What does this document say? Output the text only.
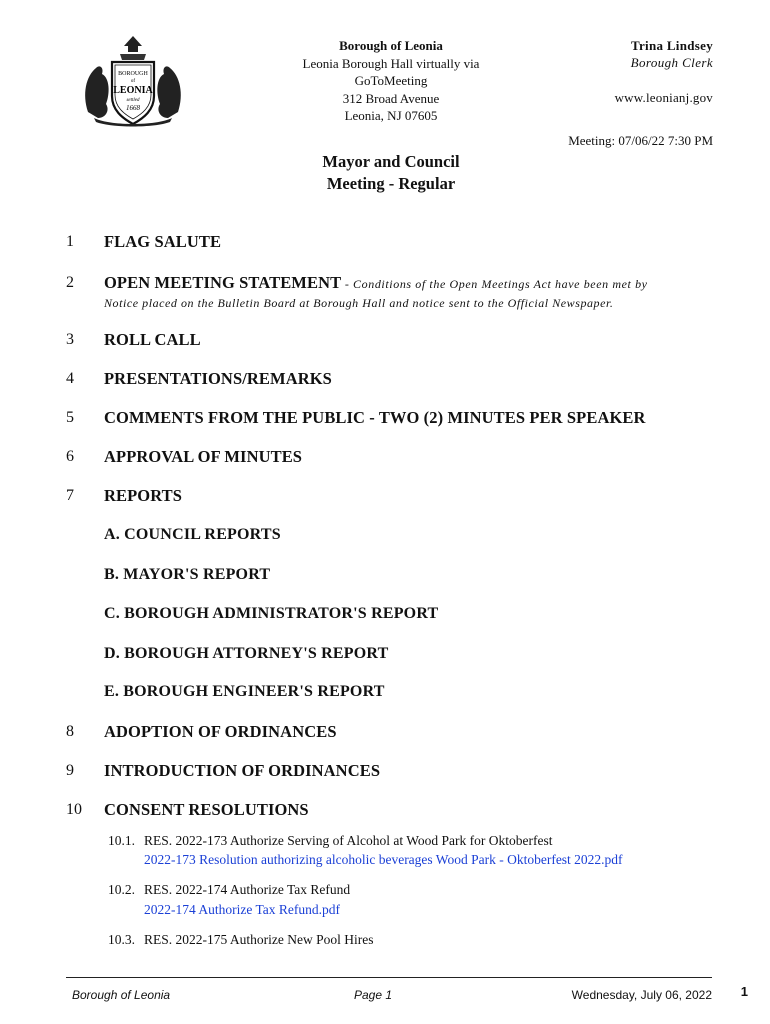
BOROUGH
of
LEONIA
settled
1668
Borough of Leonia
Leonia Borough Hall virtually via
GoToMeeting
312 Broad Avenue
Leonia, NJ 07605
Trina Lindsey
Borough Clerk
www.leonianj.gov
Meeting: 07/06/22 7:30 PM
Mayor and Council
Meeting - Regular
1 FLAG SALUTE
2 OPEN MEETING STATEMENT - Conditions of the Open Meetings Act have been met by
Notice placed on the Bulletin Board at Borough Hall and notice sent to the Official Newspaper.
3 ROLL CALL
4 PRESENTATIONS/REMARKS
5 COMMENTS FROM THE PUBLIC - TWO (2) MINUTES PER SPEAKER
6 APPROVAL OF MINUTES
7 REPORTS
A. COUNCIL REPORTS
B. MAYOR'S REPORT
C. BOROUGH ADMINISTRATOR'S REPORT
D. BOROUGH ATTORNEY'S REPORT
E. BOROUGH ENGINEER'S REPORT
8 ADOPTION OF ORDINANCES
9 INTRODUCTION OF ORDINANCES
10 CONSENT RESOLUTIONS
10.1. RES. 2022-173 Authorize Serving of Alcohol at Wood Park for Oktoberfest
2022-173 Resolution authorizing alcoholic beverages Wood Park - Oktoberfest 2022.pdf
10.2. RES. 2022-174 Authorize Tax Refund
2022-174 Authorize Tax Refund.pdf
10.3. RES. 2022-175 Authorize New Pool Hires
Borough of Leonia	Page 1	Wednesday, July 06, 2022 1
